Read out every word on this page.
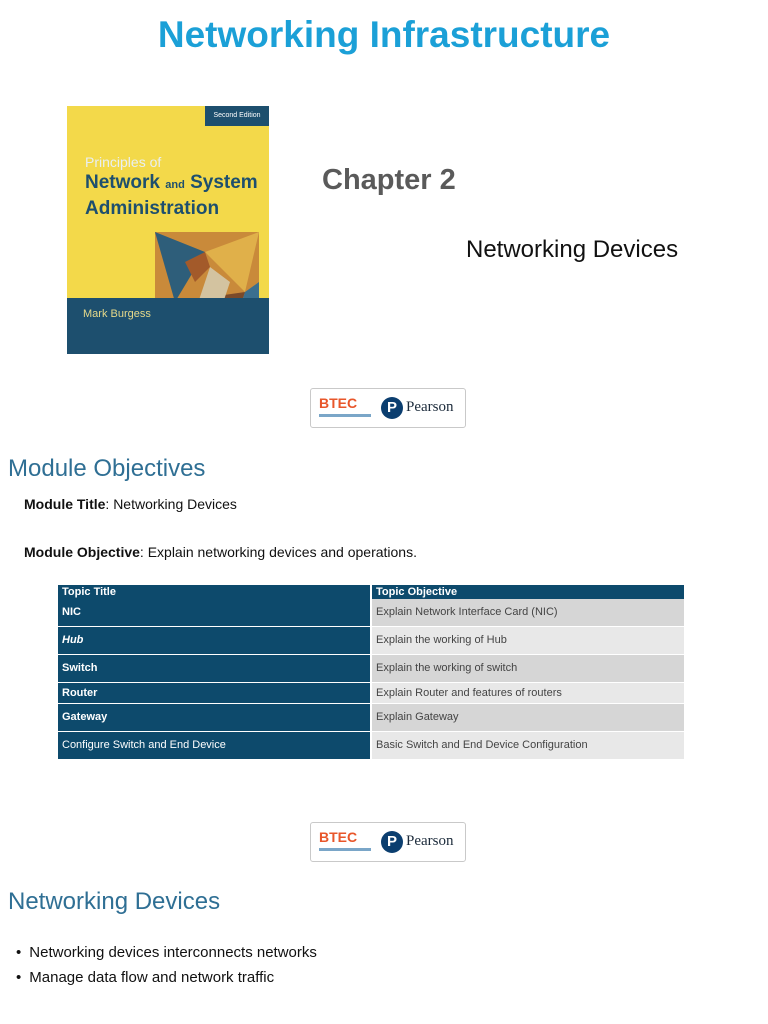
Networking Infrastructure
Second Edition
Principles of
Network and System
Administration
Mark Burgess
Chapter 2
Networking Devices
BTEC	P Pearson
Module Objectives
Module Title: Networking Devices
Module Objective: Explain networking devices and operations.
Topic Title	Topic Objective
NIC	Explain Network Interface Card (NIC)
Hub	Explain the working of Hub
Switch	Explain the working of switch
Router	Explain Router and features of routers
Gateway	Explain Gateway
Configure Switch and End Device	Basic Switch and End Device Configuration
BTEC	P Pearson
Networking Devices
• Networking devices interconnects networks
• Manage data flow and network traffic
